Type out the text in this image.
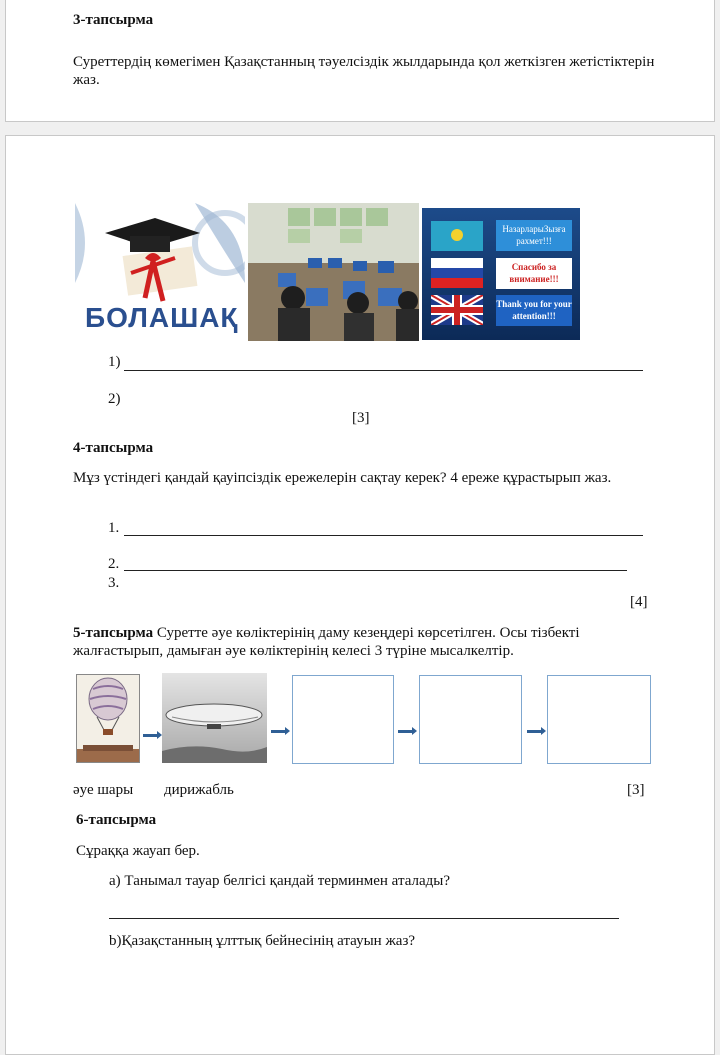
3-тапсырма
Суреттердің көмегімен Қазақстанның тәуелсіздік жылдарында қол жеткізген жетістіктерін жаз.
БОЛАШАҚ
НазарларыЗызға рахмет!!!
Спасибо за внимание!!!
Thank you for your attention!!!
1)
2)
[3]
4-тапсырма
Мұз үстіндегі қандай қауіпсіздік ережелерін сақтау керек? 4 ереже құрастырып жаз.
1.
2.
3.
[4]
5-тапсырма Суретте әуе көліктерінің даму кезеңдері көрсетілген. Осы тізбекті жалғастырып, дамыған әуе көліктерінің келесі 3 түріне мысалкелтір.
әуе шары дирижабль	[3]
6-тапсырма
Сұраққа жауап бер.
а) Танымал тауар белгісі қандай терминмен аталады?
b)Қазақстанның ұлттық бейнесінің атауын жаз?
